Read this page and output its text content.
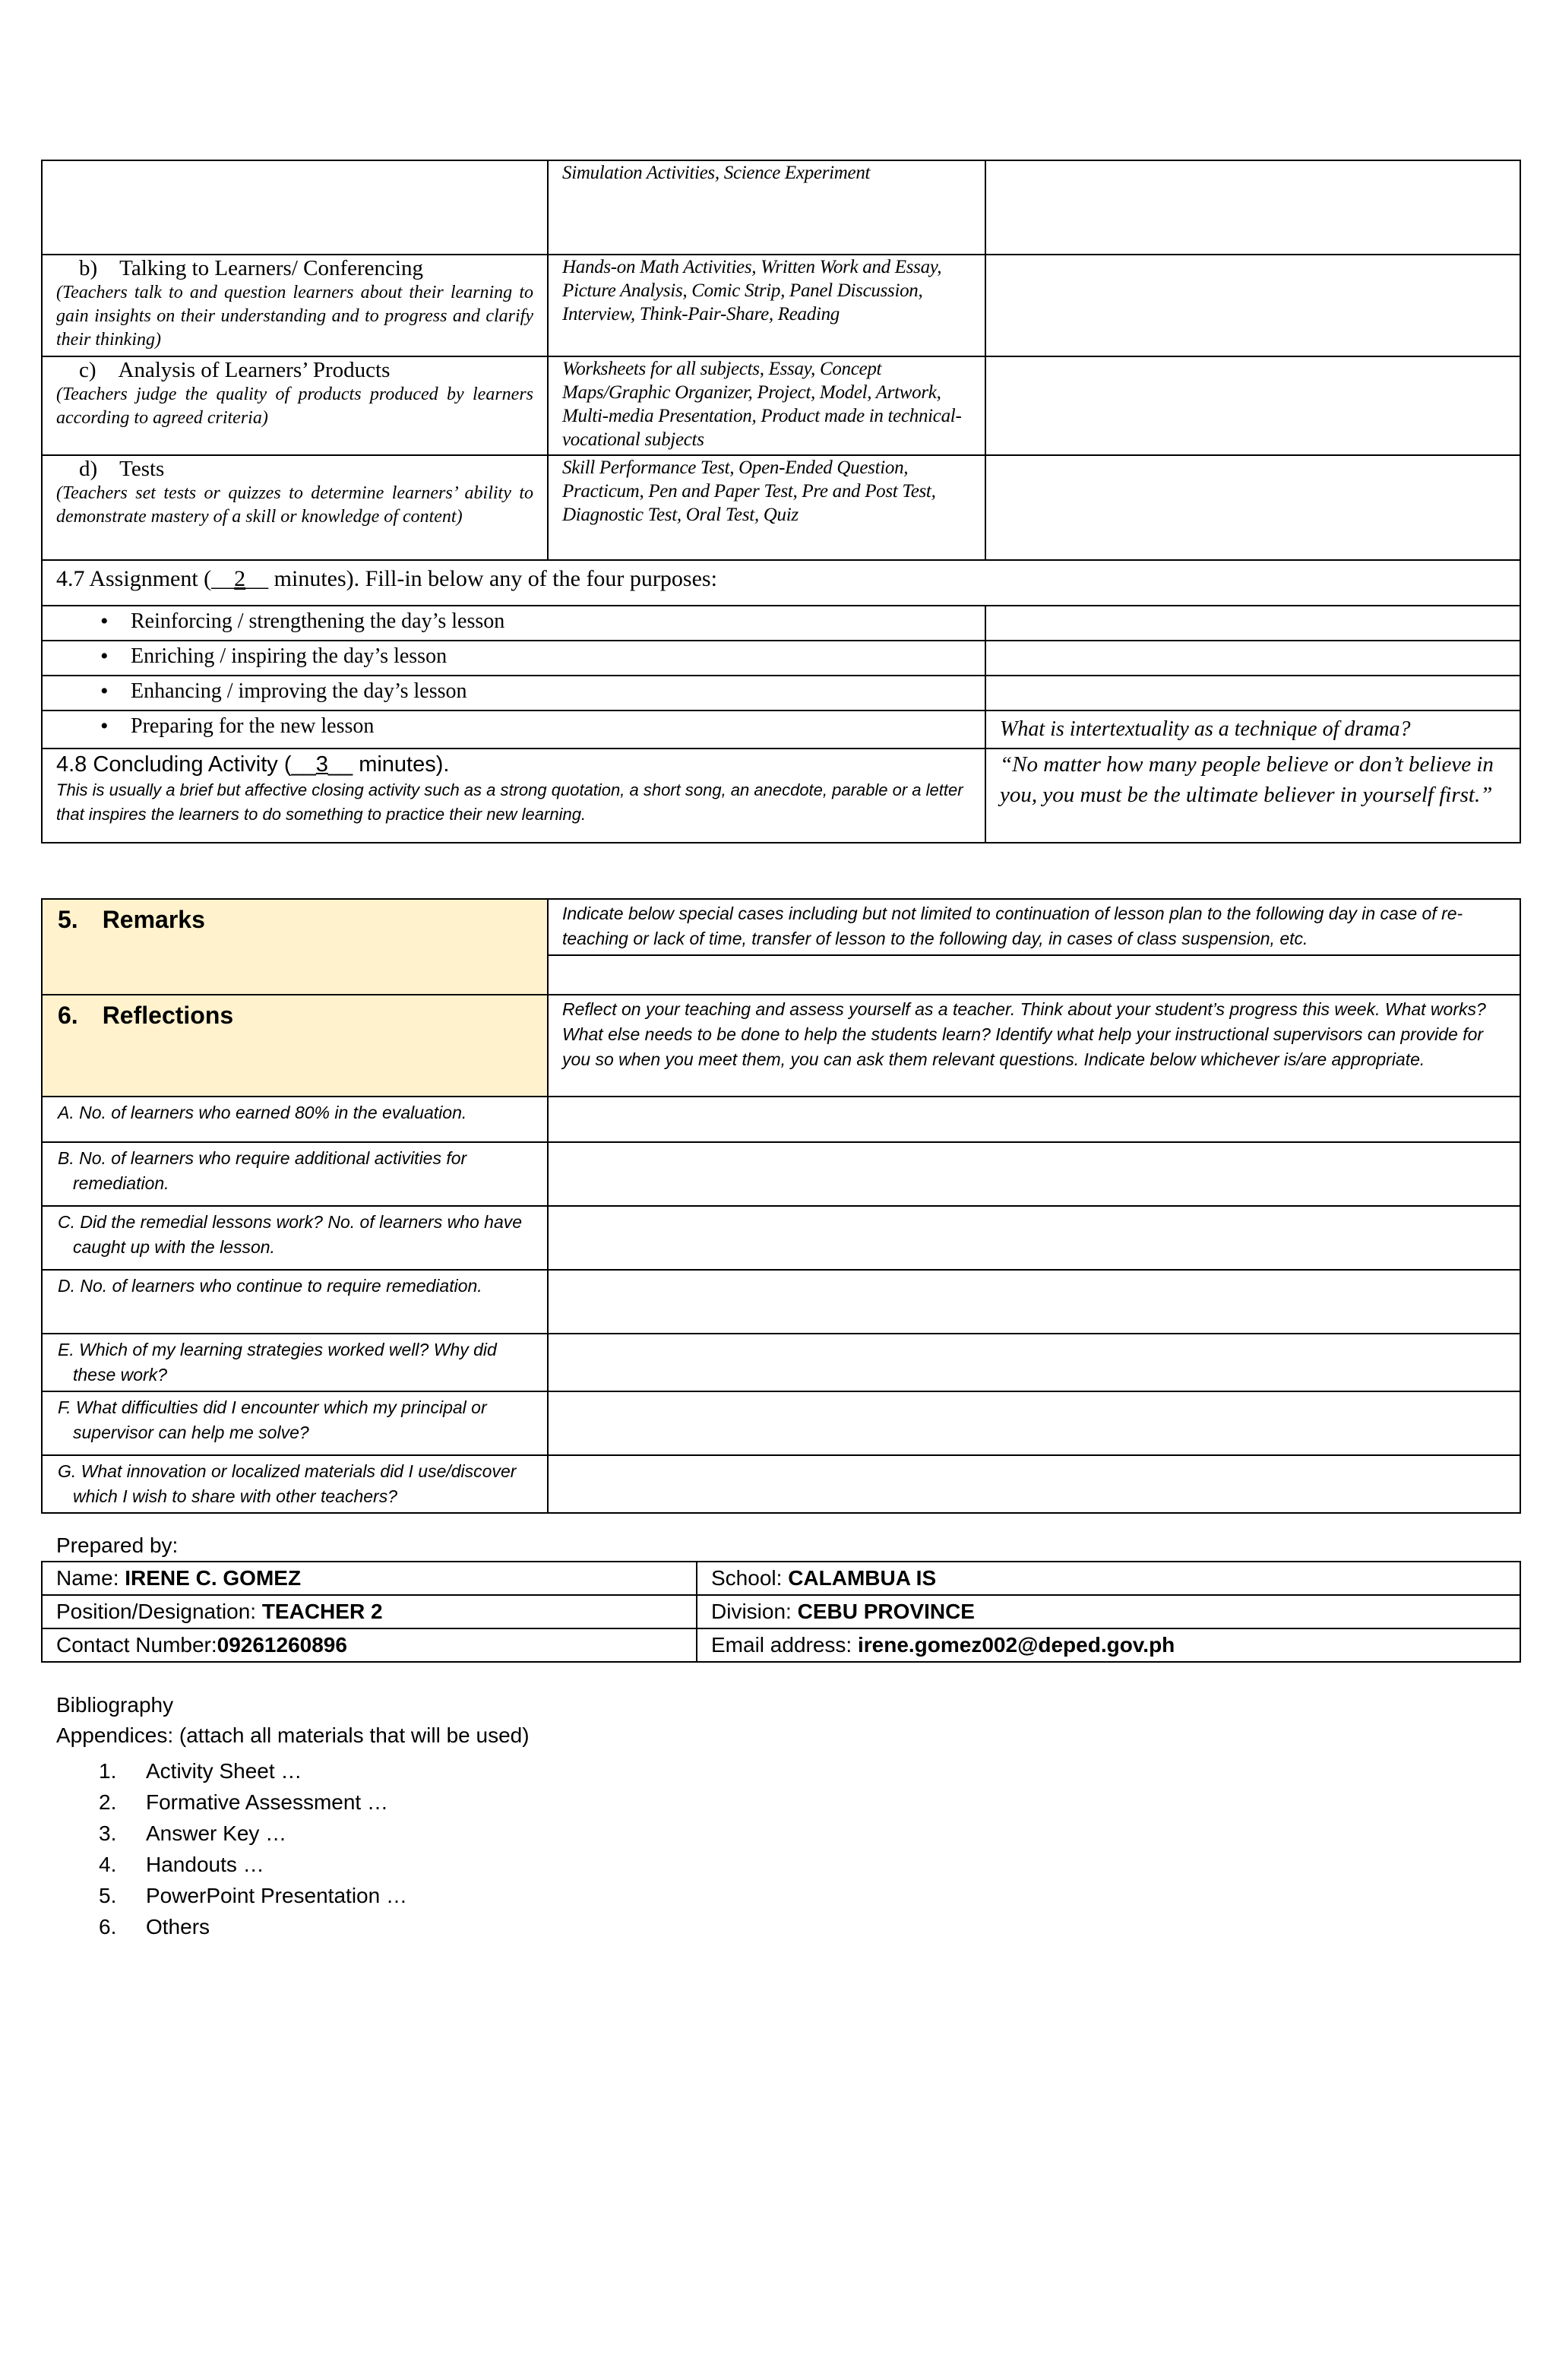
	Simulation Activities, Science Experiment	

b) Talking to Learners/ Conferencing
(Teachers talk to and question learners about their learning to gain insights on their understanding and to progress and clarify their thinking)	Hands-on Math Activities, Written Work and Essay, Picture Analysis, Comic Strip, Panel Discussion, Interview, Think-Pair-Share, Reading	

c) Analysis of Learners’ Products
(Teachers judge the quality of products produced by learners according to agreed criteria)	Worksheets for all subjects, Essay, Concept Maps/Graphic Organizer, Project, Model, Artwork, Multi-media Presentation, Product made in technical-vocational subjects	

d) Tests
(Teachers set tests or quizzes to determine learners’ ability to demonstrate mastery of a skill or knowledge of content)	Skill Performance Test, Open-Ended Question, Practicum, Pen and Paper Test, Pre and Post Test, Diagnostic Test, Oral Test, Quiz	
4.7 Assignment (__2__ minutes). Fill-in below any of the four purposes:		

• Reinforcing / strengthening the day’s lesson

• Enriching / inspiring the day’s lesson

• Enhancing / improving the day’s lesson

• Preparing for the new lesson		What is intertextuality as a technique of drama?

4.8 Concluding Activity (__3__ minutes).
This is usually a brief but affective closing activity such as a strong quotation, a short song, an anecdote, parable or a letter that inspires the learners to do something to practice their new learning.		“No matter how many people believe or don’t believe in you, you must be the ultimate believer in yourself first.”
5. Remarks	Indicate below special cases including but not limited to continuation of lesson plan to the following day in case of re-teaching or lack of time, transfer of lesson to the following day, in cases of class suspension, etc.

6. Reflections	Reflect on your teaching and assess yourself as a teacher. Think about your student’s progress this week. What works? What else needs to be done to help the students learn? Identify what help your instructional supervisors can provide for you so when you meet them, you can ask them relevant questions. Indicate below whichever is/are appropriate.
A. No. of learners who earned 80% in the evaluation.	
B. No. of learners who require additional activities for remediation.	
C. Did the remedial lessons work? No. of learners who have caught up with the lesson.	
D. No. of learners who continue to require remediation.	
E. Which of my learning strategies worked well? Why did these work?	
F. What difficulties did I encounter which my principal or supervisor can help me solve?	
G. What innovation or localized materials did I use/discover which I wish to share with other teachers?	
Prepared by:
Name: IRENE C. GOMEZ	School: CALAMBUA IS
Position/Designation: TEACHER 2	Division: CEBU PROVINCE
Contact Number:09261260896	Email address: irene.gomez002@deped.gov.ph
Bibliography
Appendices: (attach all materials that will be used)
1. Activity Sheet …
2. Formative Assessment …
3. Answer Key …
4. Handouts …
5. PowerPoint Presentation …
6. Others
